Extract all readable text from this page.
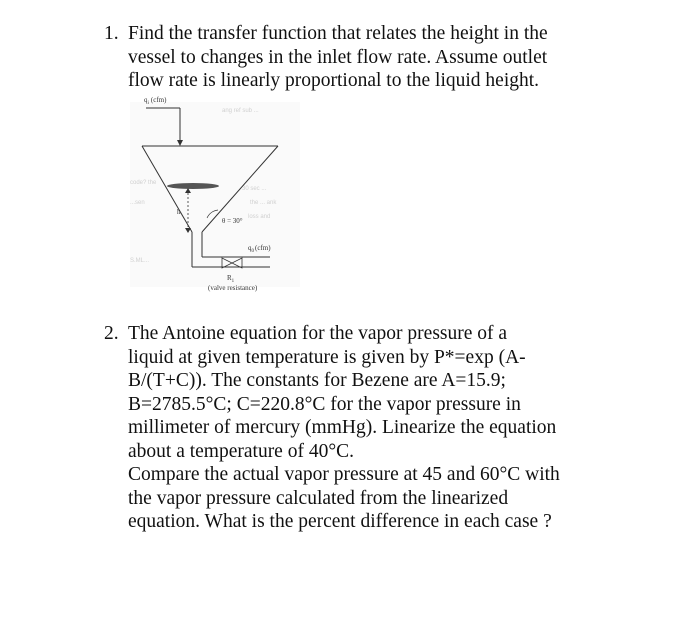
1. Find the transfer function that relates the height in the
vessel to changes in the inlet flow rate. Assume outlet
flow rate is linearly proportional to the liquid height.
ang ref sub ...
code? the
30 sec ...
...sen	the ... ank
loss and
S.ML...
$q_i$ (cfm)
h
θ = 30°
$q_0(cfm)$
$R_1$
(valve resistance)
2. The Antoine equation for the vapor pressure of a
liquid at given temperature is given by P*=exp (A-
B/(T+C)). The constants for Bezene are A=15.9;
B=2785.5°C; C=220.8°C for the vapor pressure in
millimeter of mercury (mmHg). Linearize the equation
about a temperature of 40°C.
Compare the actual vapor pressure at 45 and 60°C with
the vapor pressure calculated from the linearized
equation. What is the percent difference in each case ?
